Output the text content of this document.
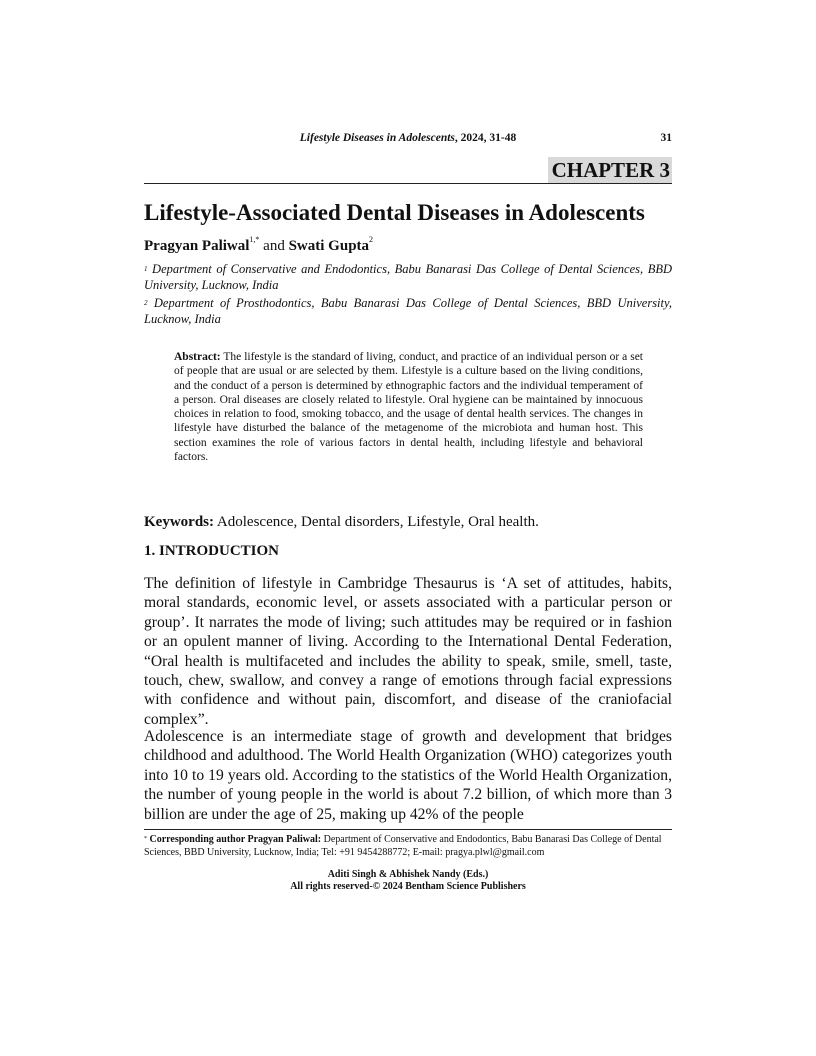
Lifestyle Diseases in Adolescents, 2024, 31-48	31
CHAPTER 3
Lifestyle-Associated Dental Diseases in Adolescents
Pragyan Paliwal$^{1,*}$ and Swati Gupta$^2$
$^1$ Department of Conservative and Endodontics, Babu Banarasi Das College of Dental Sciences, BBD University, Lucknow, India
$^2$ Department of Prosthodontics, Babu Banarasi Das College of Dental Sciences, BBD University, Lucknow, India
Abstract: The lifestyle is the standard of living, conduct, and practice of an individual person or a set of people that are usual or are selected by them. Lifestyle is a culture based on the living conditions, and the conduct of a person is determined by ethnographic factors and the individual temperament of a person. Oral diseases are closely related to lifestyle. Oral hygiene can be maintained by innocuous choices in relation to food, smoking tobacco, and the usage of dental health services. The changes in lifestyle have disturbed the balance of the metagenome of the microbiota and human host. This section examines the role of various factors in dental health, including lifestyle and behavioral factors.
Keywords: Adolescence, Dental disorders, Lifestyle, Oral health.
1. INTRODUCTION
The definition of lifestyle in Cambridge Thesaurus is ‘A set of attitudes, habits, moral standards, economic level, or assets associated with a particular person or group’. It narrates the mode of living; such attitudes may be required or in fashion or an opulent manner of living. According to the International Dental Federation, “Oral health is multifaceted and includes the ability to speak, smile, smell, taste, touch, chew, swallow, and convey a range of emotions through facial expressions with confidence and without pain, discomfort, and disease of the craniofacial complex”.
Adolescence is an intermediate stage of growth and development that bridges childhood and adulthood. The World Health Organization (WHO) categorizes youth into 10 to 19 years old. According to the statistics of the World Health Organization, the number of young people in the world is about 7.2 billion, of which more than 3 billion are under the age of 25, making up 42% of the people
* Corresponding author Pragyan Paliwal: Department of Conservative and Endodontics, Babu Banarasi Das College of Dental Sciences, BBD University, Lucknow, India; Tel: +91 9454288772; E-mail: pragya.plwl@gmail.com
Aditi Singh & Abhishek Nandy (Eds.)
All rights reserved-© 2024 Bentham Science Publishers
